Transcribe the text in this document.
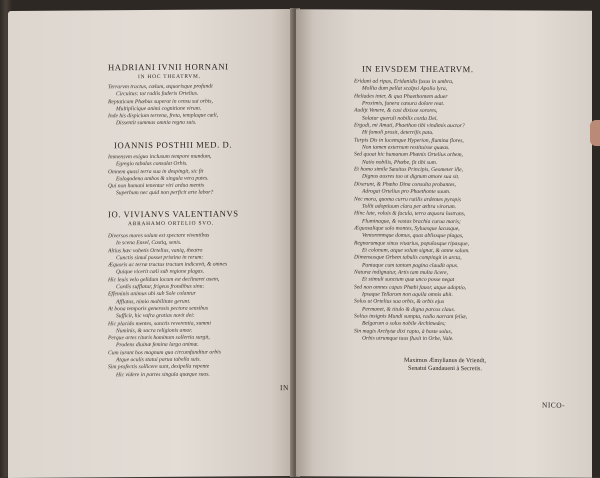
HADRIANI IVNII HORNANI
IN HOC THEATRVM.
Terrarvm tractus, cœlum, æquorisque profundi
Circuitus: tot radiis fuderis Ortelius.
Reptaticam Phœbus superat in censu sui orbis,
Multiplicique animi cognitione virum.
Inde his dispicium terrena, freta, templaque cæli,
Dissentit summas omnia regna suis.
IOANNIS POSTHII MED. D.
Immensvm exiguo inclusum tempore mundum,
Egregio tabulas consulat Orbis.
Omnem quasi terra sua in despingit, sic fit
Eulogodena ambos & singula vera putes.
Qui non humani tenentur viri ardua mentis
Superbum nec quid non perficit arte labor?
IO. VIVIANVS VALENTIANVS
ABRAHAMO ORTELIO SVO.
Diversos mores solum est spectare viventibus
In scena Ensel, Castiq, senis.
Altius hæc vobetis Ortelius, vaniq, theatro
Cunctis simul posset pristina in rerum:
Æquoris ac terræ tractus tractum indicavit, & omnes
Quique vicerit cæli sub regione plagas.
Hic leuis velo gelidum locum est declinaret axem,
Cordis sufflatur, frigeus frondibus sinu:
Effeminis animus ubi sub Sole colantur
Afflatus, nimio mobilitate gerunt.
At bona temporis generosis pectora sensibus
Sufficit, hic vafra gratias novit dei:
Hic placido mentes, sanctis reverentia, summi
Numinis, & sacra religionis amor.
Perque artes rituris hominum sollertia surgit,
Prodens diuinæ femina larga animæ.
Cum iurant hos magnum qua circumfunditur orbis
Atque oculis statui parua tabella suis.
Sim profectis sollicere sunt, desipella repente
Hic videre in partes singula quæque suas.
IN
IN EIVSDEM THEATRVM.
Eridani ad ripas, Eridanidis fusus in umbra,
Mollia dum pellat scalpsi Apolio lyra,
Heliades inter, & qua Phaethontem aduer
Proximis, funera cæsura dolore reat.
Audijt Venere, & casi dixisse sorores,
Solatur queruli nobilis corda Dei.
Ergodi, mi Amati, Phaethon tibi vindimis auctor?
Hi fomoli prosit, deterrifis patu.
Turpis Dis in lucemque Hyperion, flumina flores,
Non tamen externum restituisse quæas.
Sed quoat hic humanum Phœnix Ortelius orbem,
Natio nobilis, Phœbe, fit tibi sum.
Et homo simile Sæuitus Principis, Geometer ille,
Dignus auxres tuo ut dignum amore sua sit.
Dixerunt, & Phœbo Dina consulta probantes,
Adrogat Ortelius pro Phaethonte suum.
Nec mora, quoma curru rutilis ardentes pyropis
Tollit adoptiuum clara per æthra virorum.
Hinc late, voluis & facula, terra æquora lustrans,
Fluminaque, & vastas brachia curua maris;
Æquosalique solo montes, Syluasque lacusque,
Ventoremnque domus, quas ablissque plagas,
Regnorumque sinus viuarius, populosque ripasque,
Et colonum, atque solum signat, & omne solum.
Dimensusque Orbem tabulis compingit in arcta,
Pantaque cum tantum pagina claudit opus.
Naturæ indignatur, Artis tam multa licere,
Et stimuli sunctum quæ unco posse negat
Sed non omnes capax Phœbi fauor, atque adoptio,
Ipsaque Tellarum non aquila omnis abit.
Solus ut Ortelius sua orbis, & orbis ejus
Permanet, & titulo & digna parcos claus.
Solius insignis Mundi sumpta, radio narrant feliæ,
Belgarum o solus nobile Archimedes;
Sin magis Archytæ dixi rapto, à hoste solus,
Orbis utrumque tuus fluxit in Orbe, Vale.
Maximus Æmylianus de Vriendt,
Senatui Gandaueni à Secretis.
NICO-
